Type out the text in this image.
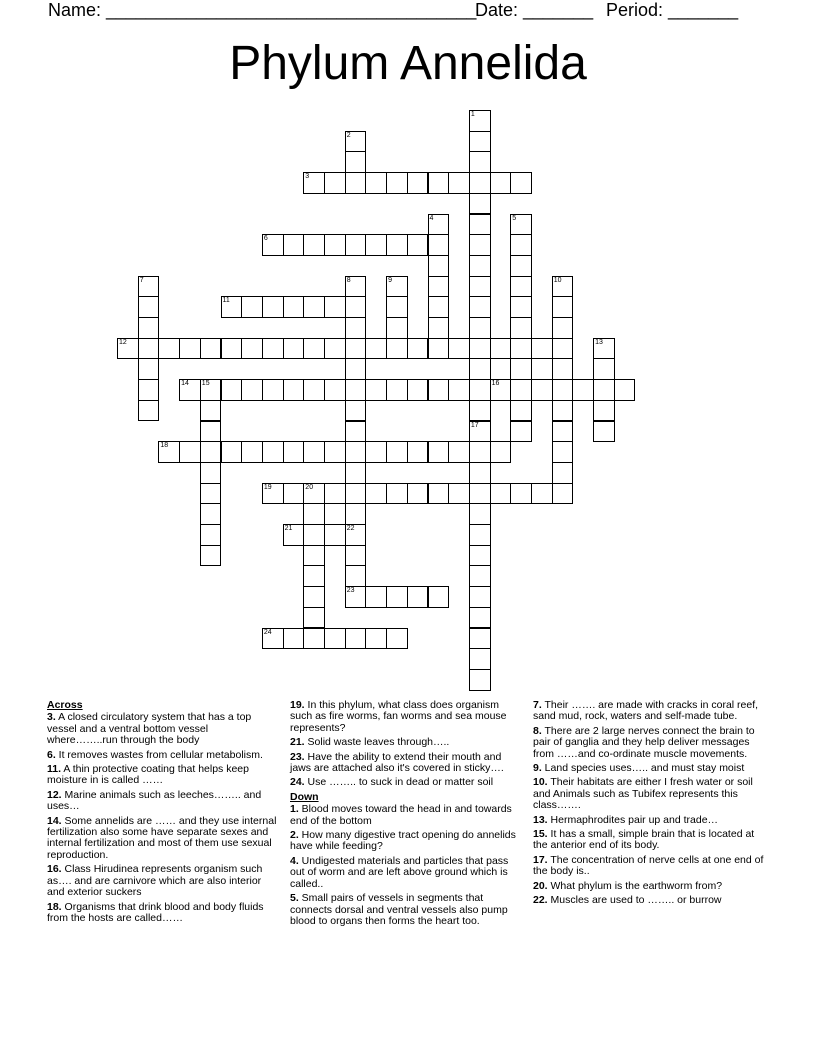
Name: _____________________________________
Date: _______ Period: _______
Phylum Annelida
1
17
2
3
4	5
6
7	8	9	10
11
12	13
14 15	16
18
19	20
21	22
23
24

Across

3. A closed circulatory system that has a top vessel and a ventral bottom vessel where……..run through the body

6. It removes wastes from cellular metabolism.

11. A thin protective coating that helps keep moisture in is called ……

12. Marine animals such as leeches…….. and uses…

14. Some annelids are …… and they use internal fertilization also some have separate sexes and internal fertilization and most of them use sexual reproduction.

16. Class Hirudinea represents organism such as…. and are carnivore which are also interior and exterior suckers

18. Organisms that drink blood and body fluids from the hosts are called……

19. In this phylum, what class does organism such as fire worms, fan worms and sea mouse represents?

21. Solid waste leaves through…..

23. Have the ability to extend their mouth and jaws are attached also it's covered in sticky….

24. Use …….. to suck in dead or matter soil

Down

1. Blood moves toward the head in and towards end of the bottom

2. How many digestive tract opening do annelids have while feeding?

4. Undigested materials and particles that pass out of worm and are left above ground which is called..

5. Small pairs of vessels in segments that connects dorsal and ventral vessels also pump blood to organs then forms the heart too.

7. Their ……. are made with cracks in coral reef, sand mud, rock, waters and self-made tube.

8. There are 2 large nerves connect the brain to pair of ganglia and they help deliver messages from ……and co-ordinate muscle movements.

9. Land species uses….. and must stay moist

10. Their habitats are either I fresh water or soil and Animals such as Tubifex represents this class…….

13. Hermaphrodites pair up and trade…

15. It has a small, simple brain that is located at the anterior end of its body.

17. The concentration of nerve cells at one end of the body is..

20. What phylum is the earthworm from?

22. Muscles are used to …….. or burrow
